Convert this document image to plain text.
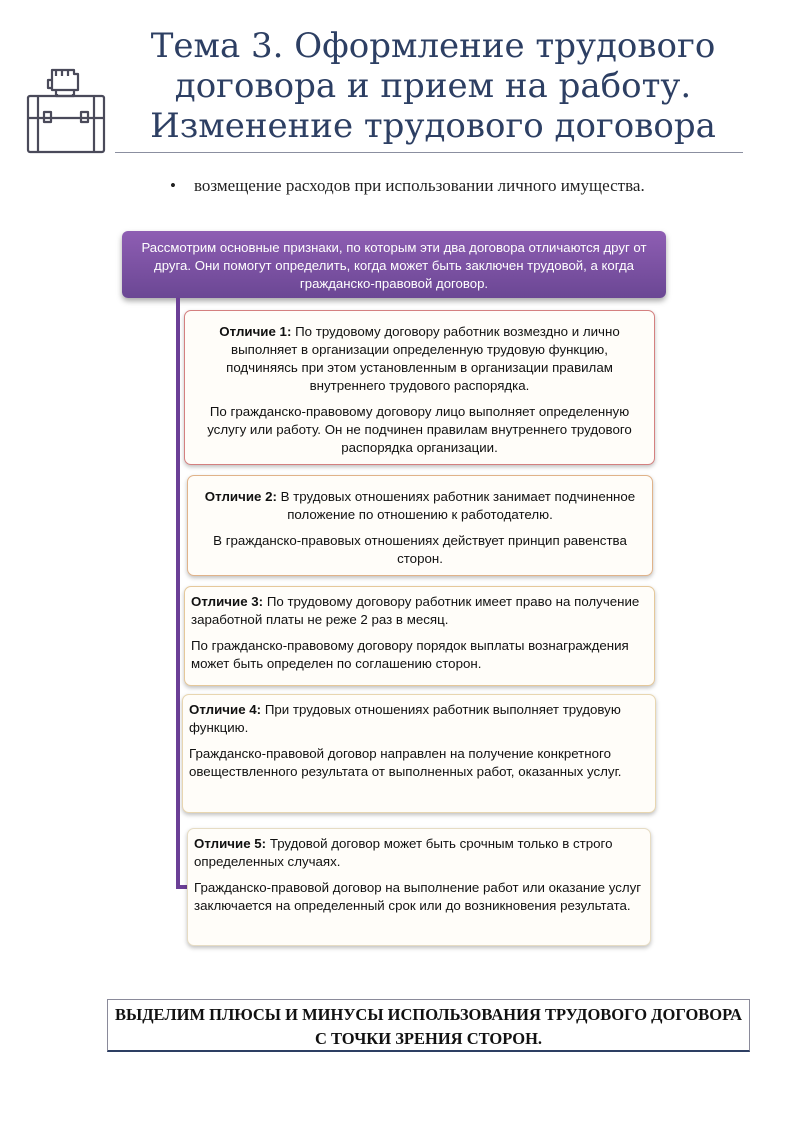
Тема 3. Оформление трудового
договора и прием на работу.
Изменение трудового договора
• возмещение расходов при использовании личного имущества.
Рассмотрим основные признаки, по которым эти два договора отличаются друг от друга. Они помогут определить, когда может быть заключен трудовой, а когда гражданско-правовой договор.

Отличие 1: По трудовому договору работник возмездно и лично выполняет в организации определенную трудовую функцию, подчиняясь при этом установленным в организации правилам внутреннего трудового распорядка.

По гражданско-правовому договору лицо выполняет определенную услугу или работу. Он не подчинен правилам внутреннего трудового распорядка организации.

Отличие 2: В трудовых отношениях работник занимает подчиненное положение по отношению к работодателю.

В гражданско-правовых отношениях действует принцип равенства сторон.

Отличие 3: По трудовому договору работник имеет право на получение заработной платы не реже 2 раз в месяц.

По гражданско-правовому договору порядок выплаты вознаграждения может быть определен по соглашению сторон.

Отличие 4: При трудовых отношениях работник выполняет трудовую функцию.

Гражданско-правовой договор направлен на получение конкретного овеществленного результата от выполненных работ, оказанных услуг.

Отличие 5: Трудовой договор может быть срочным только в строго определенных случаях.

Гражданско-правовой договор на выполнение работ или оказание услуг заключается на определенный срок или до возникновения результата.

ВЫДЕЛИМ ПЛЮСЫ И МИНУСЫ ИСПОЛЬЗОВАНИЯ ТРУДОВОГО ДОГОВОРА С ТОЧКИ ЗРЕНИЯ СТОРОН.
